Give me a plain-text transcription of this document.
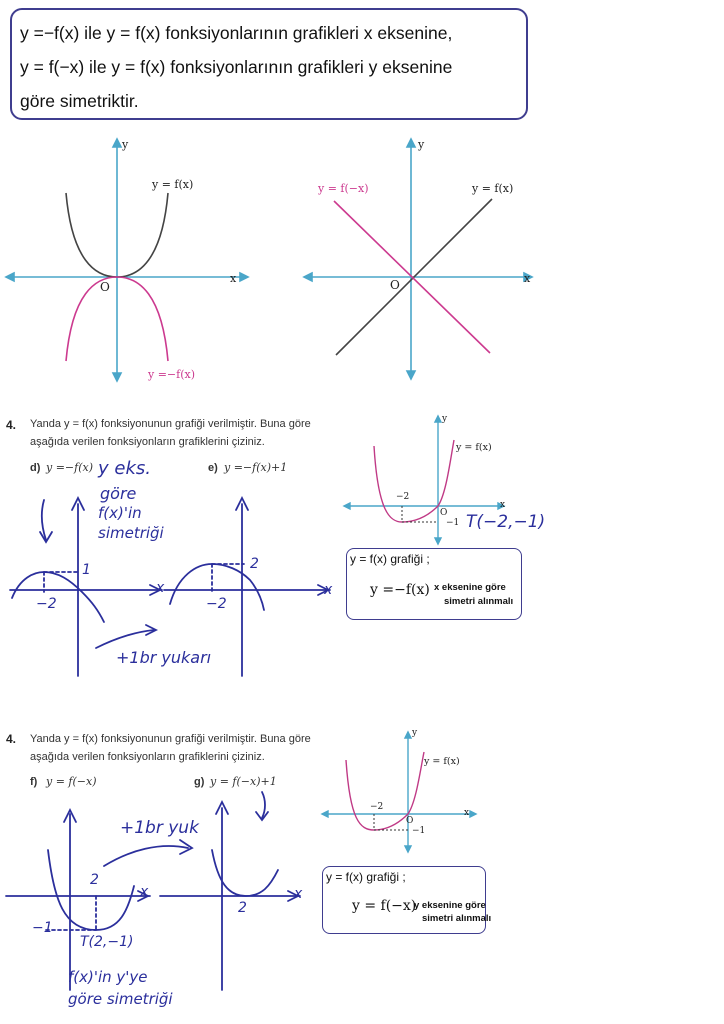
y =−f(x) ile y = f(x) fonksiyonlarının grafikleri x eksenine,
y = f(−x) ile y = f(x) fonksiyonlarının grafikleri y eksenine
göre simetriktir.
y
x
O
y = f(x)
y =−f(x)
y
x
O
y = f(x)
y = f(−x)
4. Yanda y = f(x) fonksiyonunun grafiği verilmiştir. Buna göre
aşağıda verilen fonksiyonların grafiklerini çiziniz.
d) y =−f(x)	e) y =−f(x)+1
y
x
y = f(x)
−2
O
−1 T(−2,−1)
y = f(x) grafiği ;
y =−f(x) x eksenine göre
simetri alınmalı
y eks.
göre
f(x)'in
simetriği
−2
1
x
−2
2
x
+1br yukarı
4. Yanda y = f(x) fonksiyonunun grafiği verilmiştir. Buna göre
aşağıda verilen fonksiyonların grafiklerini çiziniz.
f) y = f(−x)	g) y = f(−x)+1
y
x
y = f(x)
−2
O
−1
y = f(x) grafiği ;
y = f(−x)
y eksenine göre
simetri alınmalı
+1br yuk
2
x
−1
T(2,−1)
2
x
f(x)'in y'ye
göre simetriği
